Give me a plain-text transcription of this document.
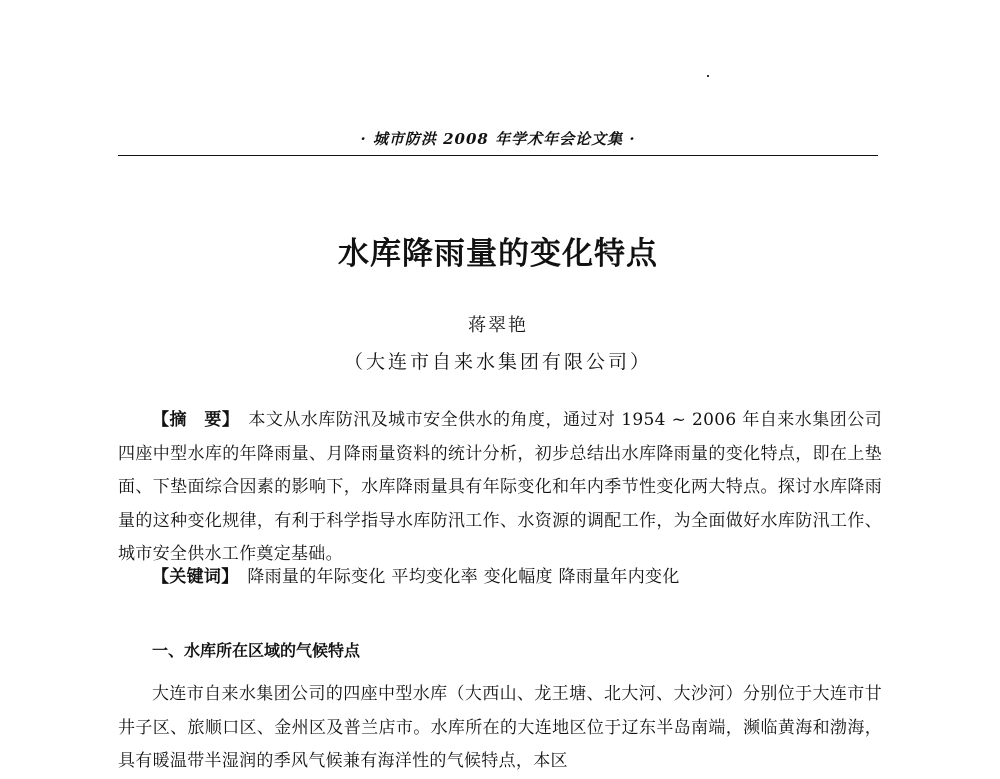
· 城市防洪 2008 年学术年会论文集 ·
水库降雨量的变化特点
蒋翠艳
（大连市自来水集团有限公司）

【摘　要】　 本文从水库防汛及城市安全供水的角度，通过对 1954 ~ 2006 年自来水集团公司四座中型水库的年降雨量、月降雨量资料的统计分析，初步总结出水库降雨量的变化特点，即在上垫面、下垫面综合因素的影响下，水库降雨量具有年际变化和年内季节性变化两大特点。探讨水库降雨量的这种变化规律，有利于科学指导水库防汛工作、水资源的调配工作，为全面做好水库防汛工作、城市安全供水工作奠定基础。

【关键词】　 降雨量的年际变化 平均变化率 变化幅度 降雨量年内变化
一、水库所在区域的气候特点

大连市自来水集团公司的四座中型水库（大西山、龙王塘、北大河、大沙河）分别位于大连市甘井子区、旅顺口区、金州区及普兰店市。水库所在的大连地区位于辽东半岛南端，濒临黄海和渤海，具有暖温带半湿润的季风气候兼有海洋性的气候特点，本区
